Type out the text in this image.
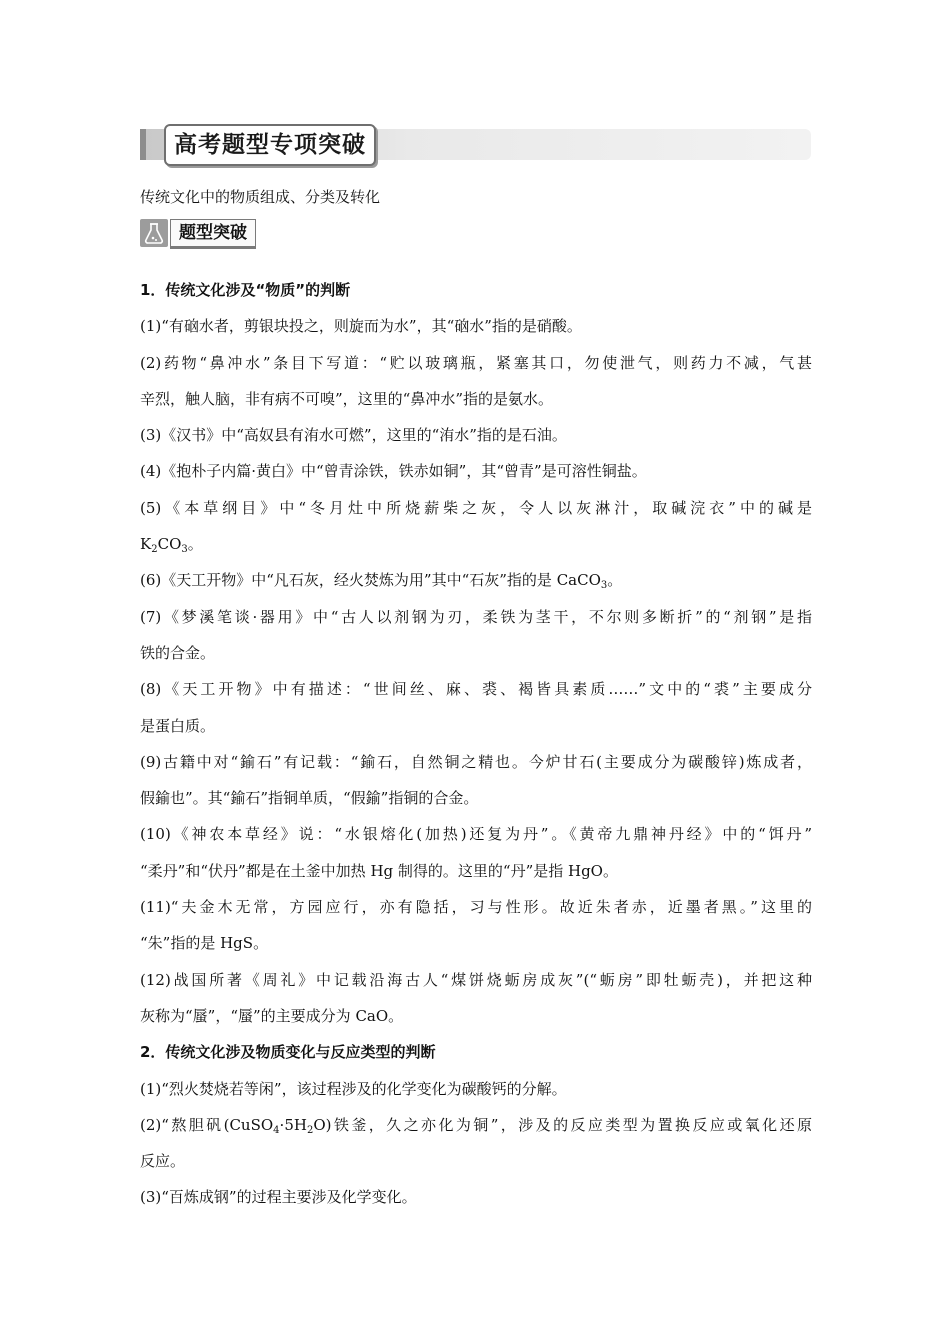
高考题型专项突破
传统文化中的物质组成、分类及转化
题型突破
1．传统文化涉及“物质”的判断
(1)“有硇水者，剪银块投之，则旋而为水”，其“硇水”指的是硝酸。
(2)药物“鼻冲水”条目下写道：“贮以玻璃瓶，紧塞其口，勿使泄气，则药力不减，气甚
辛烈，触人脑，非有病不可嗅”，这里的“鼻冲水”指的是氨水。
(3)《汉书》中“高奴县有洧水可燃”，这里的“洧水”指的是石油。
(4)《抱朴子内篇·黄白》中“曾青涂铁，铁赤如铜”，其“曾青”是可溶性铜盐。
(5)《本草纲目》中“冬月灶中所烧薪柴之灰，令人以灰淋汁，取碱浣衣”中的碱是
$K_2CO_3$。
(6)《天工开物》中“凡石灰，经火焚炼为用”其中“石灰”指的是 CaCO$_3$。
(7)《梦溪笔谈·器用》中“古人以剂钢为刃，柔铁为茎干，不尔则多断折”的“剂钢”是指
铁的合金。
(8)《天工开物》中有描述：“世间丝、麻、裘、褐皆具素质……”文中的“裘”主要成分
是蛋白质。
(9)古籍中对“鍮石”有记载：“鍮石，自然铜之精也。今炉甘石(主要成分为碳酸锌)炼成者，
假鍮也”。其“鍮石”指铜单质，“假鍮”指铜的合金。
(10)《神农本草经》说：“水银熔化(加热)还复为丹”。《黄帝九鼎神丹经》中的“饵丹”
“柔丹”和“伏丹”都是在土釜中加热 Hg 制得的。这里的“丹”是指 HgO。
(11)“夫金木无常，方园应行，亦有隐括，习与性形。故近朱者赤，近墨者黑。”这里的
“朱”指的是 HgS。
(12)战国所著《周礼》中记载沿海古人“煤饼烧蛎房成灰”(“蛎房”即牡蛎壳)，并把这种
灰称为“蜃”，“蜃”的主要成分为 CaO。
2．传统文化涉及物质变化与反应类型的判断
(1)“烈火焚烧若等闲”，该过程涉及的化学变化为碳酸钙的分解。
(2)“熬胆矾$(CuSO_4\cdot 5H_2O)$铁釜，久之亦化为铜”，涉及的反应类型为置换反应或氧化还原
反应。
(3)“百炼成钢”的过程主要涉及化学变化。
